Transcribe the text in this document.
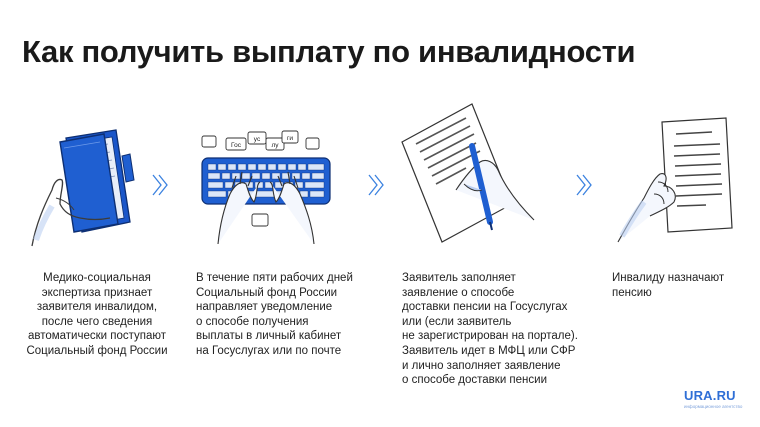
Как получить выплату по инвалидности
Гос
ус
лу
ги

Медико-социальная
экспертиза признает
заявителя инвалидом,
после чего сведения
автоматически поступают
Социальный фонд России

В течение пяти рабочих дней
Социальный фонд России
направляет уведомление
о способе получения
выплаты в личный кабинет
на Госуслугах или по почте

Заявитель заполняет
заявление о способе
доставки пенсии на Госуслугах
или (если заявитель
не зарегистрирован на портале).
Заявитель идет в МФЦ или СФР
и лично заполняет заявление
о способе доставки пенсии

Инвалиду назначают
пенсию

URA.RU
информационное агентство
